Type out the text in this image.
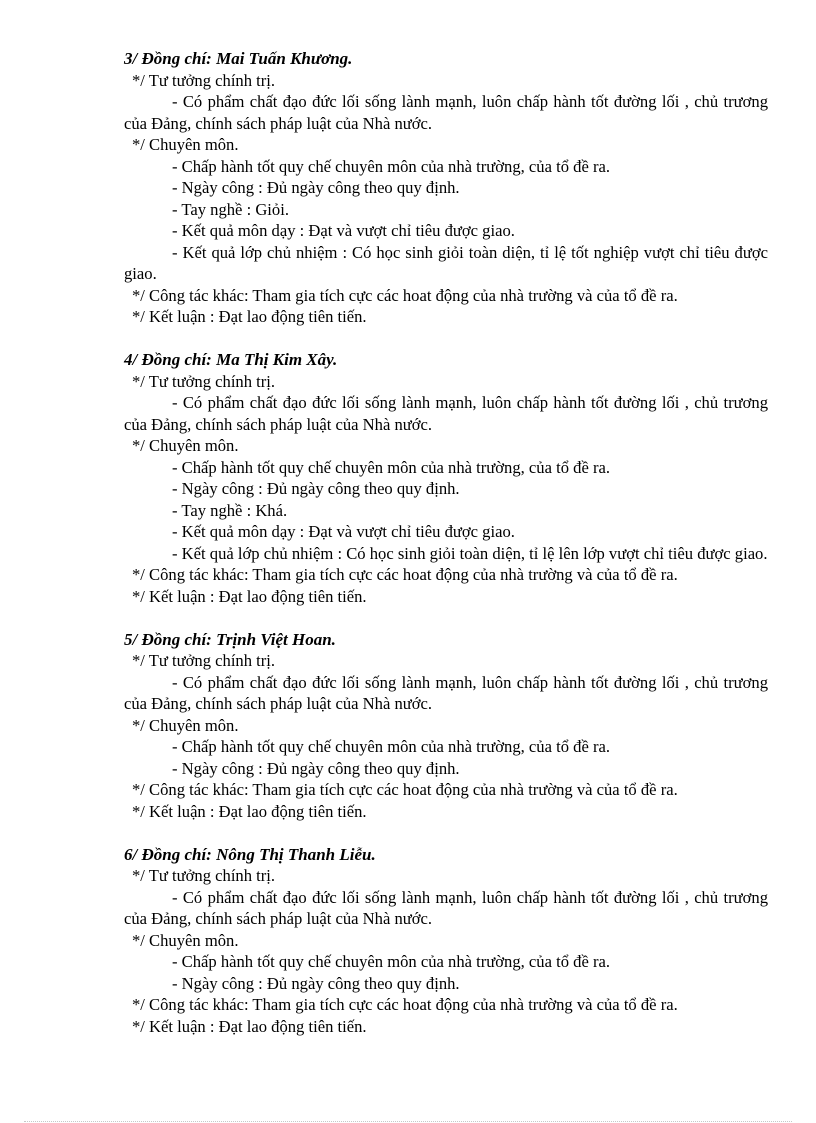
3/ Đồng chí: Mai Tuấn Khương.
*/ Tư tưởng chính trị.

- Có phẩm chất đạo đức lối sống lành mạnh, luôn chấp hành tốt đường lối , chủ trương của Đảng, chính sách pháp luật của Nhà nước.

*/ Chuyên môn.
- Chấp hành tốt quy chế chuyên môn của nhà trường, của tổ đề ra.
- Ngày công : Đủ ngày công theo quy định.
- Tay nghề : Giỏi.
- Kết quả môn dạy : Đạt và vượt chỉ tiêu được giao.

- Kết quả lớp chủ nhiệm : Có học sinh giỏi toàn diện, tỉ lệ tốt nghiệp vượt chỉ tiêu được giao.

*/ Công tác khác: Tham gia tích cực các hoat động của nhà trường và của tổ đề ra.
*/ Kết luận : Đạt lao động tiên tiến.
4/ Đồng chí: Ma Thị Kim Xây.
*/ Tư tưởng chính trị.

- Có phẩm chất đạo đức lối sống lành mạnh, luôn chấp hành tốt đường lối , chủ trương của Đảng, chính sách pháp luật của Nhà nước.

*/ Chuyên môn.
- Chấp hành tốt quy chế chuyên môn của nhà trường, của tổ đề ra.
- Ngày công : Đủ ngày công theo quy định.
- Tay nghề : Khá.
- Kết quả môn dạy : Đạt và vượt chỉ tiêu được giao.

- Kết quả lớp chủ nhiệm : Có học sinh giỏi toàn diện, tỉ lệ lên lớp vượt chỉ tiêu được giao.

*/ Công tác khác: Tham gia tích cực các hoat động của nhà trường và của tổ đề ra.
*/ Kết luận : Đạt lao động tiên tiến.
5/ Đồng chí: Trịnh Việt Hoan.
*/ Tư tưởng chính trị.

- Có phẩm chất đạo đức lối sống lành mạnh, luôn chấp hành tốt đường lối , chủ trương của Đảng, chính sách pháp luật của Nhà nước.

*/ Chuyên môn.
- Chấp hành tốt quy chế chuyên môn của nhà trường, của tổ đề ra.
- Ngày công : Đủ ngày công theo quy định.
*/ Công tác khác: Tham gia tích cực các hoat động của nhà trường và của tổ đề ra.
*/ Kết luận : Đạt lao động tiên tiến.
6/ Đồng chí: Nông Thị Thanh Liễu.
*/ Tư tưởng chính trị.

- Có phẩm chất đạo đức lối sống lành mạnh, luôn chấp hành tốt đường lối , chủ trương của Đảng, chính sách pháp luật của Nhà nước.

*/ Chuyên môn.
- Chấp hành tốt quy chế chuyên môn của nhà trường, của tổ đề ra.
- Ngày công : Đủ ngày công theo quy định.
*/ Công tác khác: Tham gia tích cực các hoat động của nhà trường và của tổ đề ra.
*/ Kết luận : Đạt lao động tiên tiến.
